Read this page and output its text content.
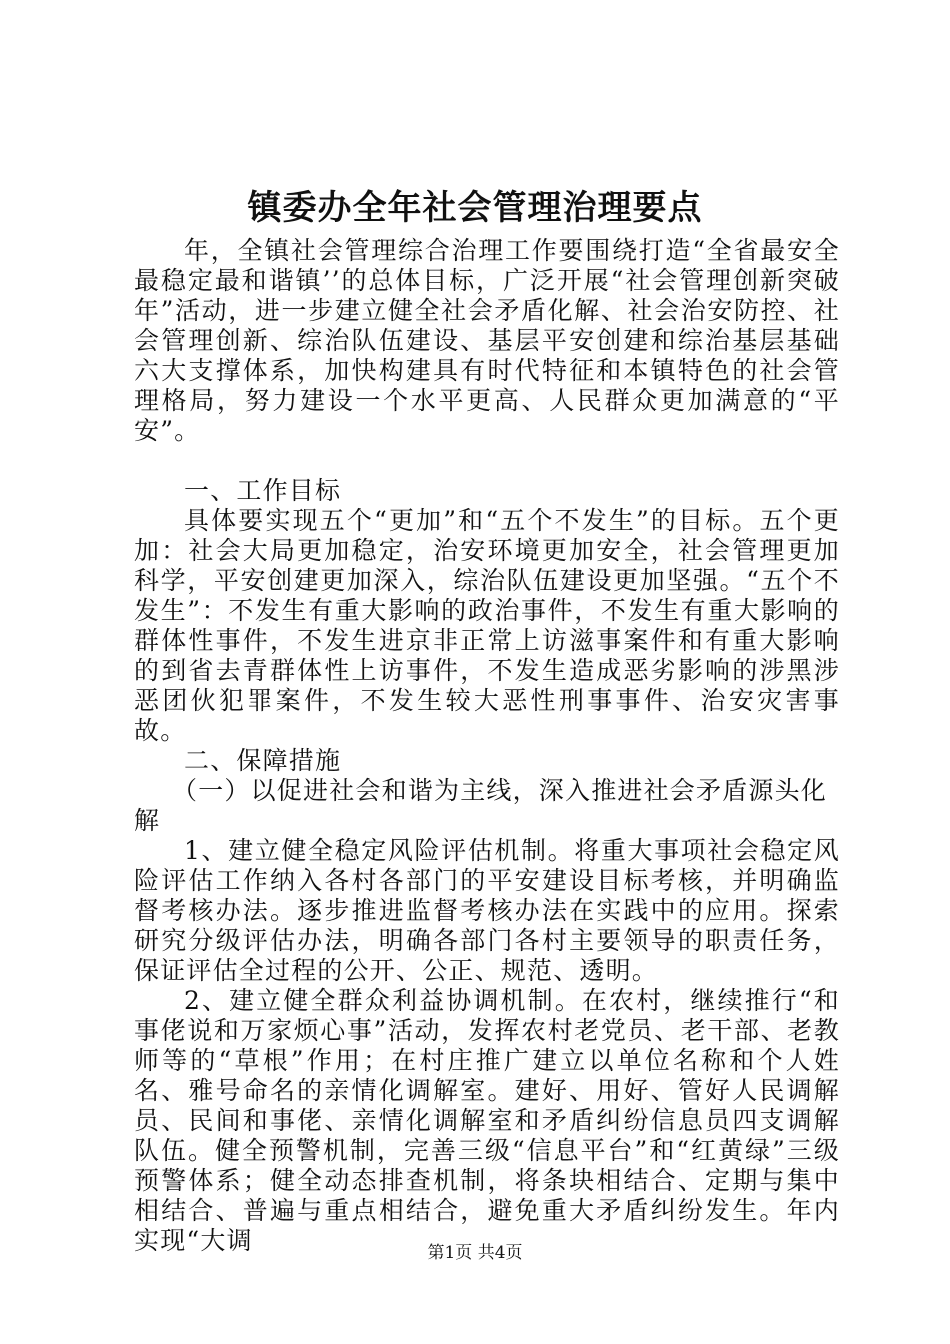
镇委办全年社会管理治理要点

年，全镇社会管理综合治理工作要围绕打造“全省最安全最稳定最和谐镇’’的总体目标，广泛开展“社会管理创新突破年”活动，进一步建立健全社会矛盾化解、社会治安防控、社会管理创新、综治队伍建设、基层平安创建和综治基层基础六大支撑体系，加快构建具有时代特征和本镇特色的社会管理格局，努力建设一个水平更高、人民群众更加满意的“平安”。

一、工作目标

具体要实现五个“更加”和“五个不发生”的目标。五个更加：社会大局更加稳定，治安环境更加安全，社会管理更加科学，平安创建更加深入，综治队伍建设更加坚强。“五个不发生”：不发生有重大影响的政治事件，不发生有重大影响的群体性事件，不发生进京非正常上访滋事案件和有重大影响的到省去青群体性上访事件，不发生造成恶劣影响的涉黑涉恶团伙犯罪案件，不发生较大恶性刑事事件、治安灾害事故。

二、保障措施

（一）以促进社会和谐为主线，深入推进社会矛盾源头化解

1、建立健全稳定风险评估机制。将重大事项社会稳定风险评估工作纳入各村各部门的平安建设目标考核，并明确监督考核办法。逐步推进监督考核办法在实践中的应用。探索研究分级评估办法，明确各部门各村主要领导的职责任务，保证评估全过程的公开、公正、规范、透明。

2、建立健全群众利益协调机制。在农村，继续推行“和事佬说和万家烦心事”活动，发挥农村老党员、老干部、老教师等的“草根”作用；在村庄推广建立以单位名称和个人姓名、雅号命名的亲情化调解室。建好、用好、管好人民调解员、民间和事佬、亲情化调解室和矛盾纠纷信息员四支调解队伍。健全预警机制，完善三级“信息平台”和“红黄绿”三级预警体系；健全动态排查机制，将条块相结合、定期与集中相结合、普遍与重点相结合，避免重大矛盾纠纷发生。年内实现“大调	第1页 共4页
